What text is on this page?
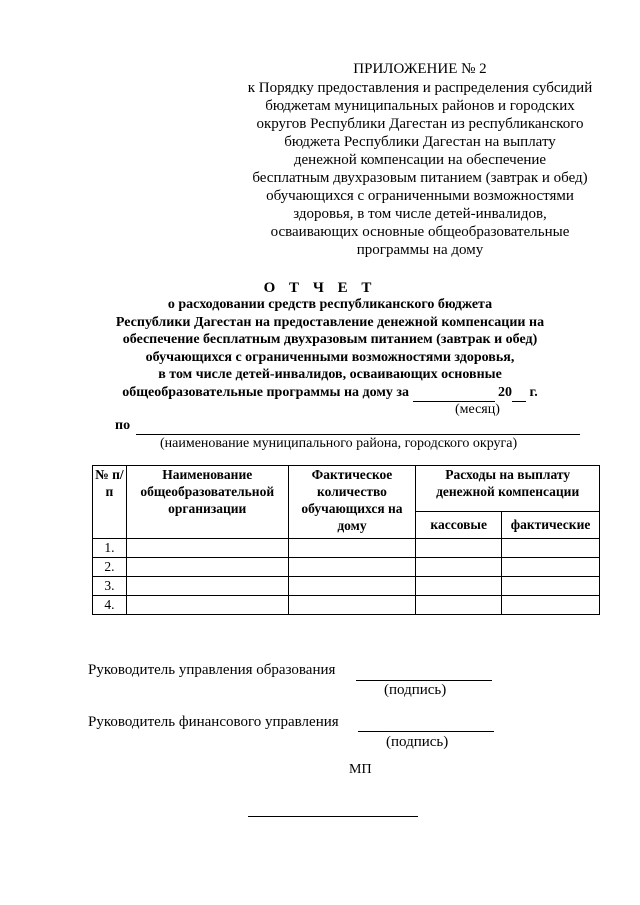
ПРИЛОЖЕНИЕ № 2
к Порядку предоставления и распределения субсидий
бюджетам муниципальных районов и городских
округов Республики Дагестан из республиканского
бюджета Республики Дагестан на выплату
денежной компенсации на обеспечение
бесплатным двухразовым питанием (завтрак и обед)
обучающихся с ограниченными возможностями
здоровья, в том числе детей-инвалидов,
осваивающих основные общеобразовательные
программы на дому
О Т Ч Е Т
о расходовании средств республиканского бюджета
Республики Дагестан на предоставление денежной компенсации на
обеспечение бесплатным двухразовым питанием (завтрак и обед)
обучающихся с ограниченными возможностями здоровья,
в том числе детей-инвалидов, осваивающих основные
общеобразовательные программы на дому за	20 г.
(месяц)
по
(наименование муниципального района, городского округа)
№ п/п	Наименование общеобразовательной организации	Фактическое количество обучающихся на дому	Расходы на выплату денежной компенсации	
			кассовые	фактические
1.				
2.				
3.				
4.				
Руководитель управления образования
(подпись)
Руководитель финансового управления
(подпись)
МП
